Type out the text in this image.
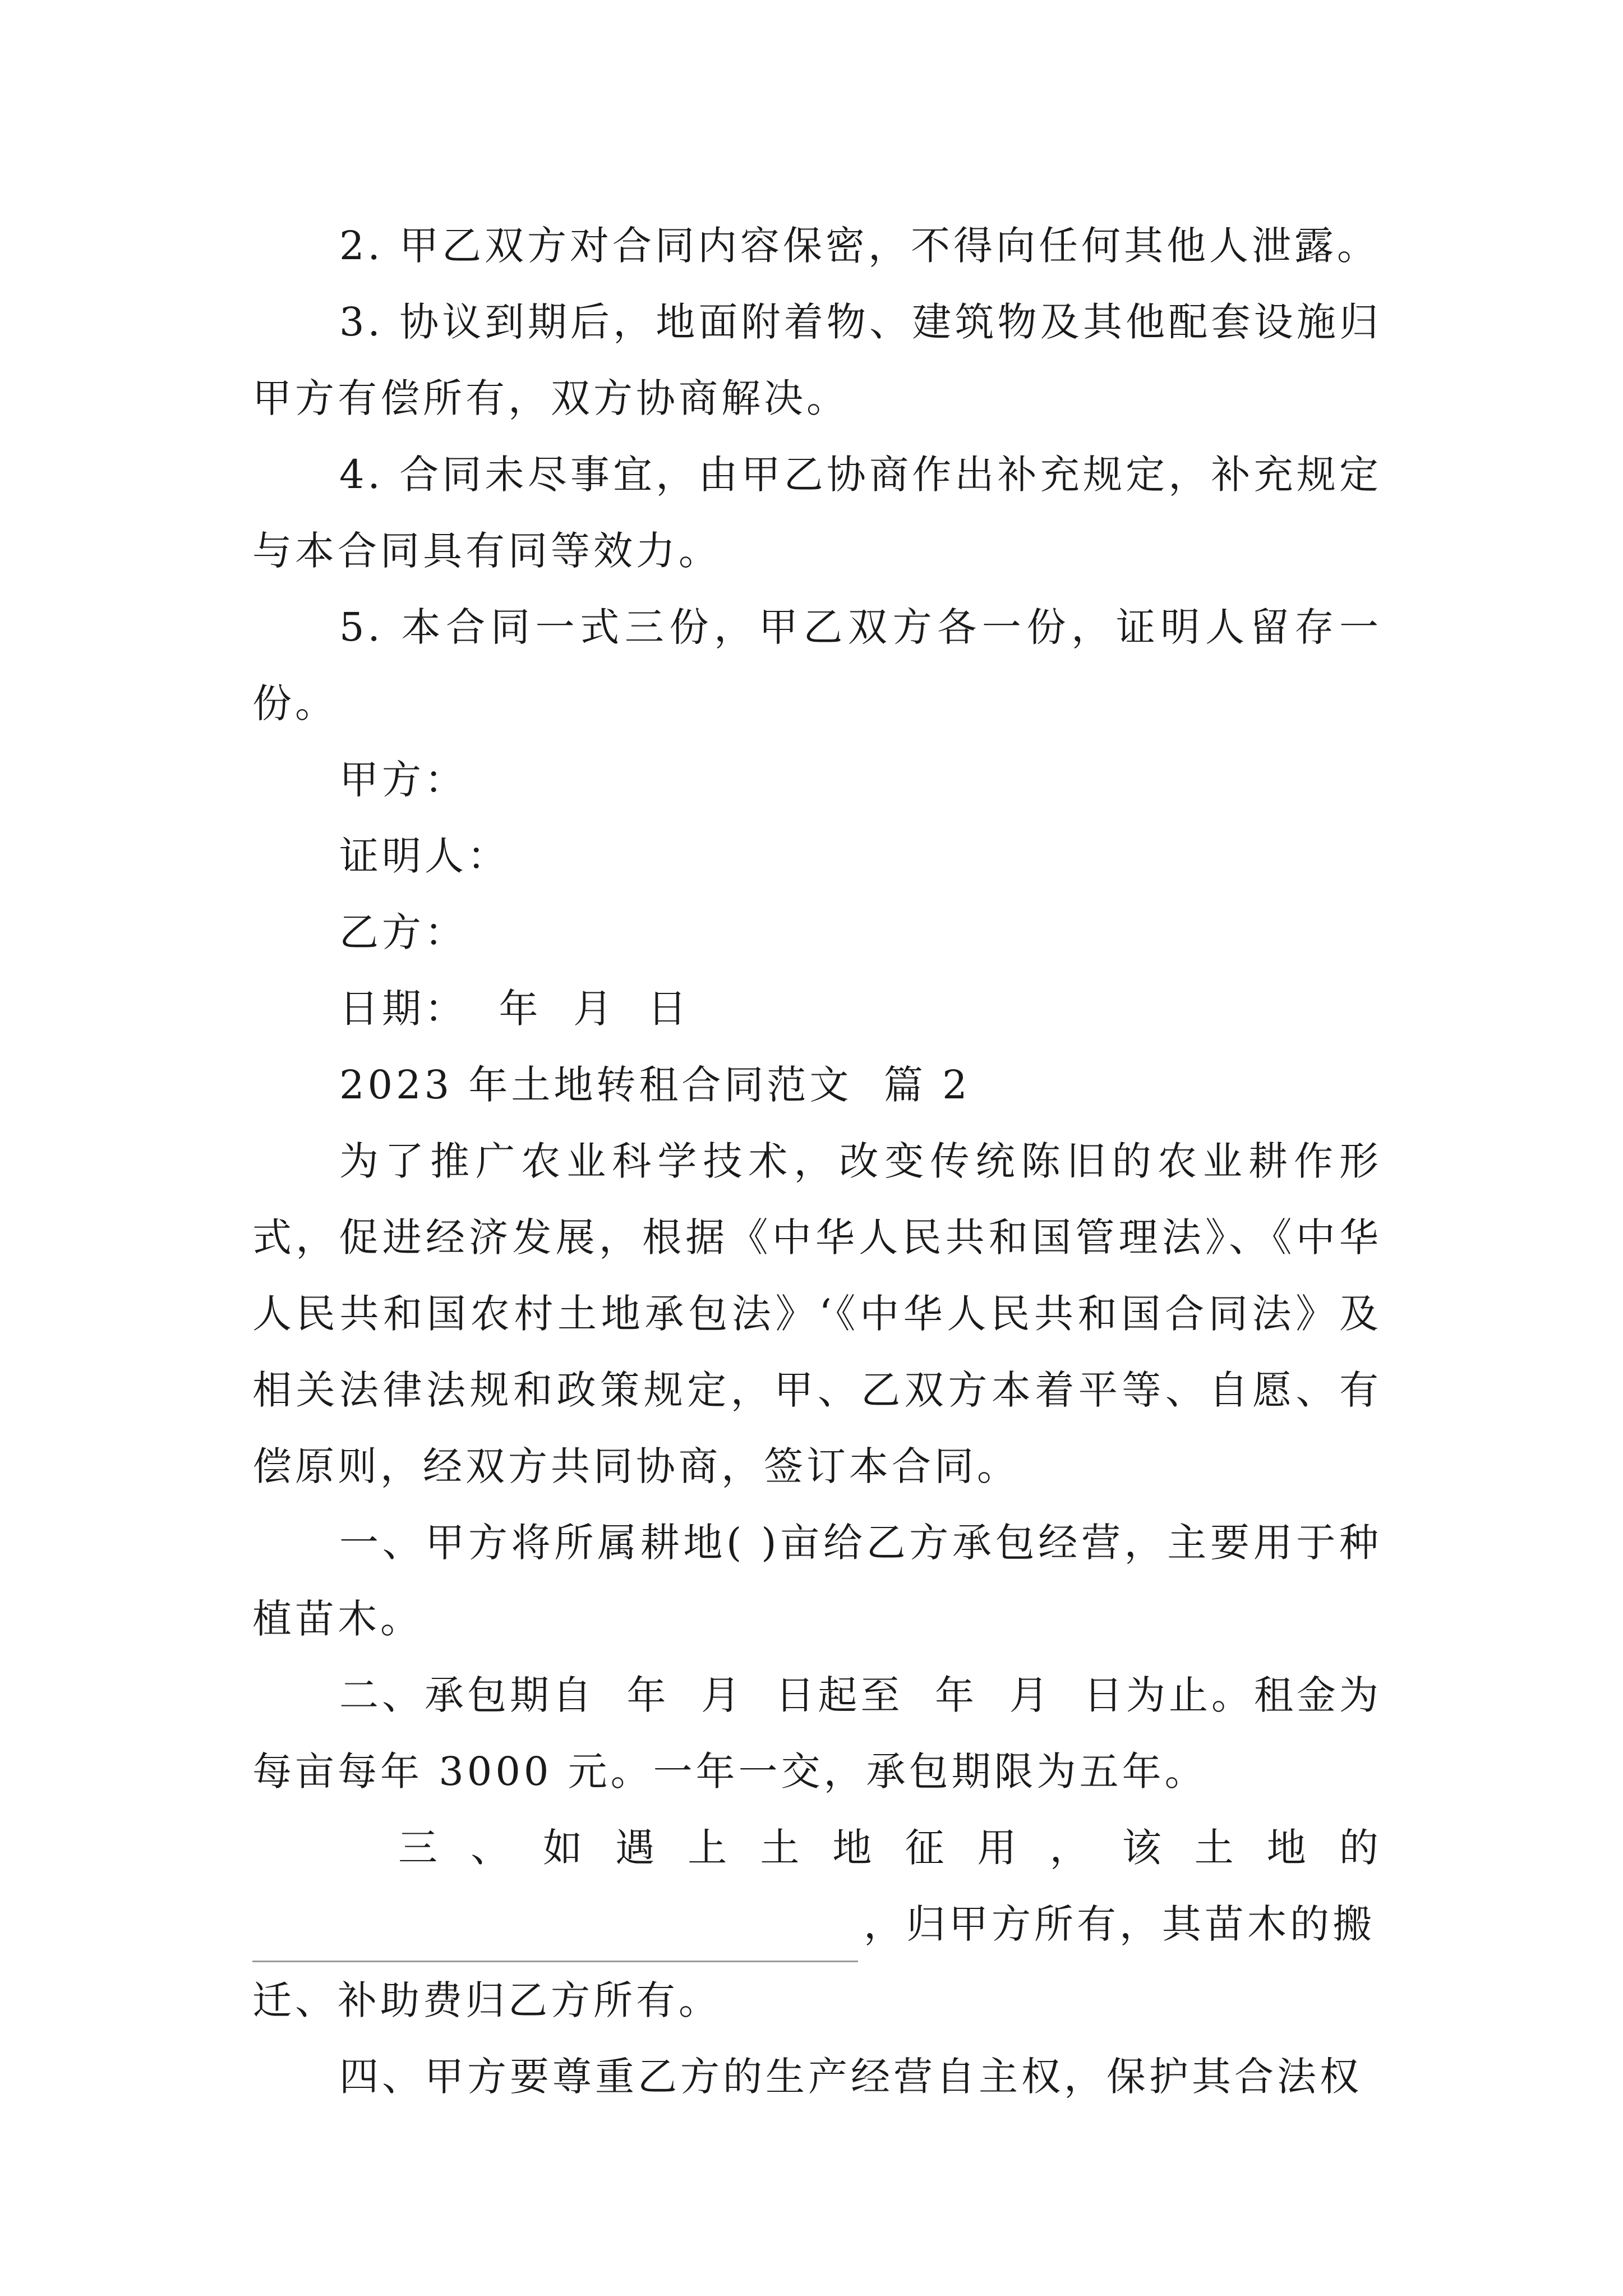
2. 甲乙双方对合同内容保密，不得向任何其他人泄露。

3. 协议到期后，地面附着物、建筑物及其他配套设施归甲方有偿所有，双方协商解决。

4. 合同未尽事宜，由甲乙协商作出补充规定，补充规定与本合同具有同等效力。

5. 本合同一式三份，甲乙双方各一份，证明人留存一份。

甲方：

证明人：

乙方：

日期：  年  月  日

2023 年土地转租合同范文  篇 2

为了推广农业科学技术，改变传统陈旧的农业耕作形式，促进经济发展，根据《中华人民共和国管理法》、《中华人民共和国农村土地承包法》‘《中华人民共和国合同法》及相关法律法规和政策规定，甲、乙双方本着平等、自愿、有偿原则，经双方共同协商，签订本合同。

一、甲方将所属耕地( )亩给乙方承包经营，主要用于种植苗木。

二、承包期自  年  月  日起至  年  月  日为止。租金为每亩每年 3000 元。一年一交，承包期限为五年。

三 、 如 遇 上 土 地 征 用 ， 该 土 地 的
，归甲方所有，其苗木的搬
迁、补助费归乙方所有。

四、甲方要尊重乙方的生产经营自主权，保护其合法权
